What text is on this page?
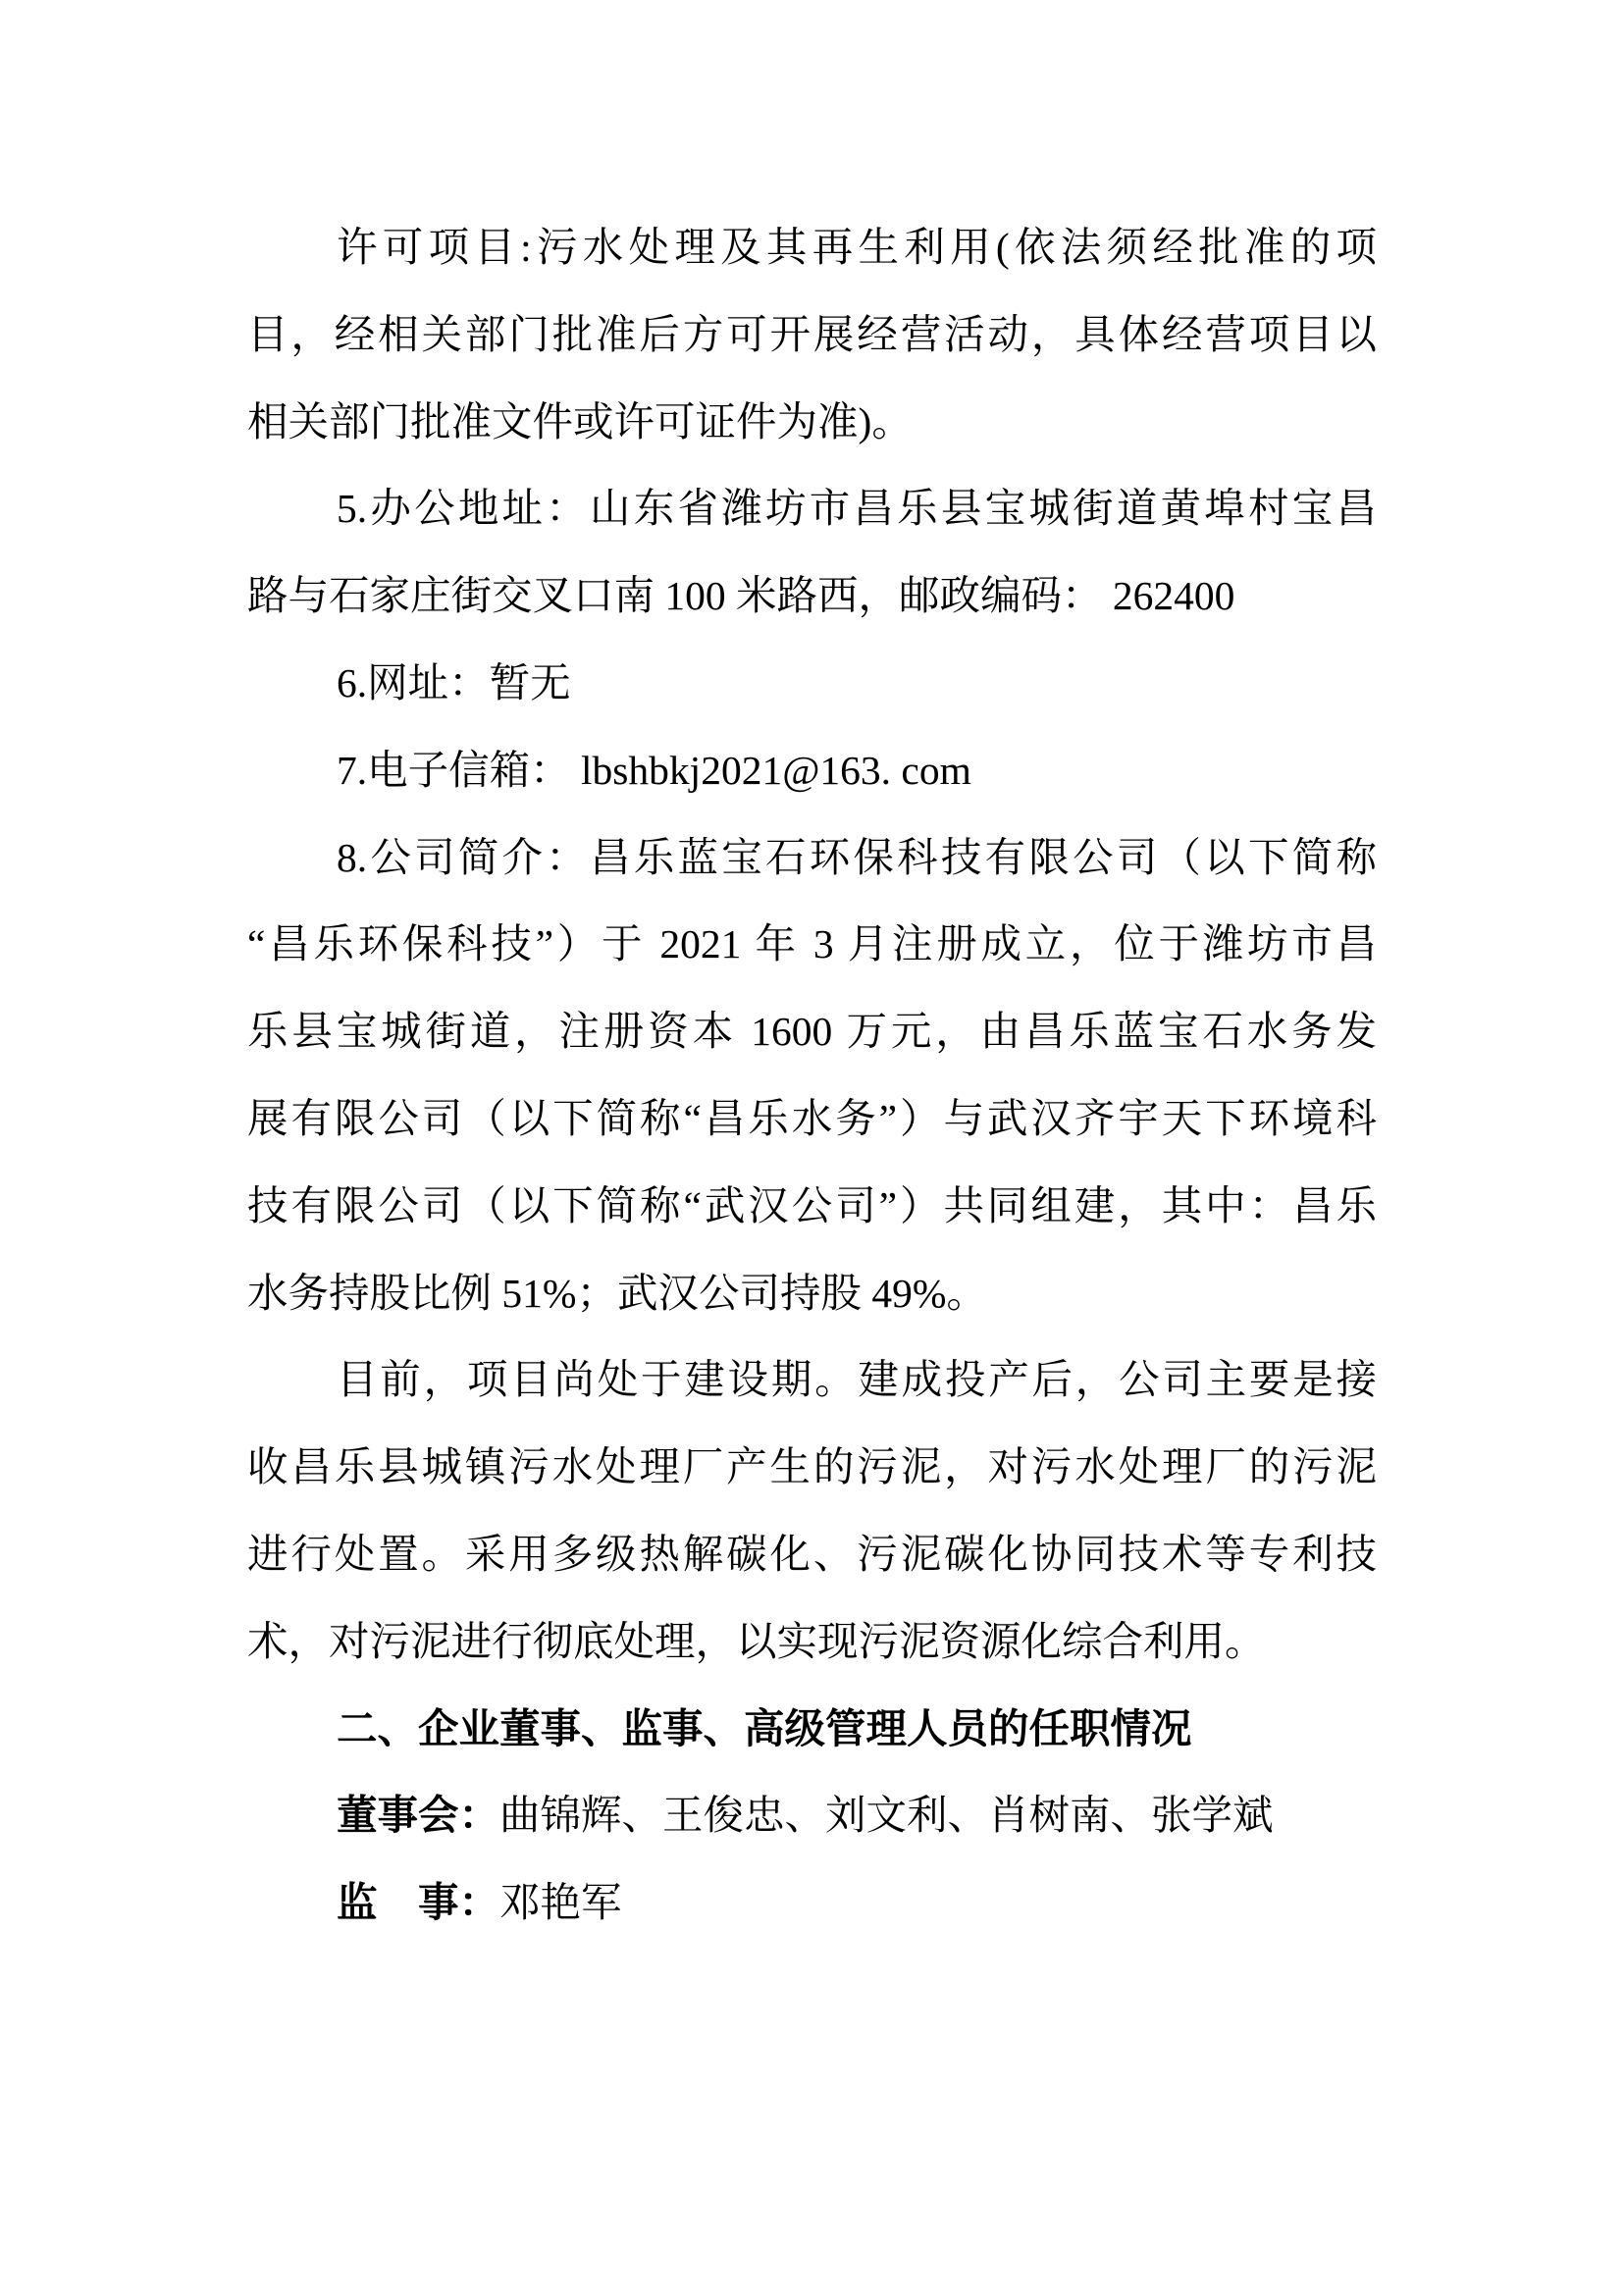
许可项目:污水处理及其再生利用(依法须经批准的项
目，经相关部门批准后方可开展经营活动，具体经营项目以
相关部门批准文件或许可证件为准)。
5.办公地址：山东省潍坊市昌乐县宝城街道黄埠村宝昌
路与石家庄街交叉口南 100 米路西，邮政编码： 262400
6.网址：暂无
7.电子信箱： lbshbkj2021@163. com
8.公司简介：昌乐蓝宝石环保科技有限公司（以下简称
“昌乐环保科技”）于 2021 年 3 月注册成立，位于潍坊市昌
乐县宝城街道，注册资本 1600 万元，由昌乐蓝宝石水务发
展有限公司（以下简称“昌乐水务”）与武汉齐宇天下环境科
技有限公司（以下简称“武汉公司”）共同组建，其中：昌乐
水务持股比例 51%；武汉公司持股 49%。
目前，项目尚处于建设期。建成投产后，公司主要是接
收昌乐县城镇污水处理厂产生的污泥，对污水处理厂的污泥
进行处置。采用多级热解碳化、污泥碳化协同技术等专利技
术，对污泥进行彻底处理，以实现污泥资源化综合利用。
二、企业董事、监事、高级管理人员的任职情况
董事会：曲锦辉、王俊忠、刘文利、肖树南、张学斌
监　事：邓艳军
